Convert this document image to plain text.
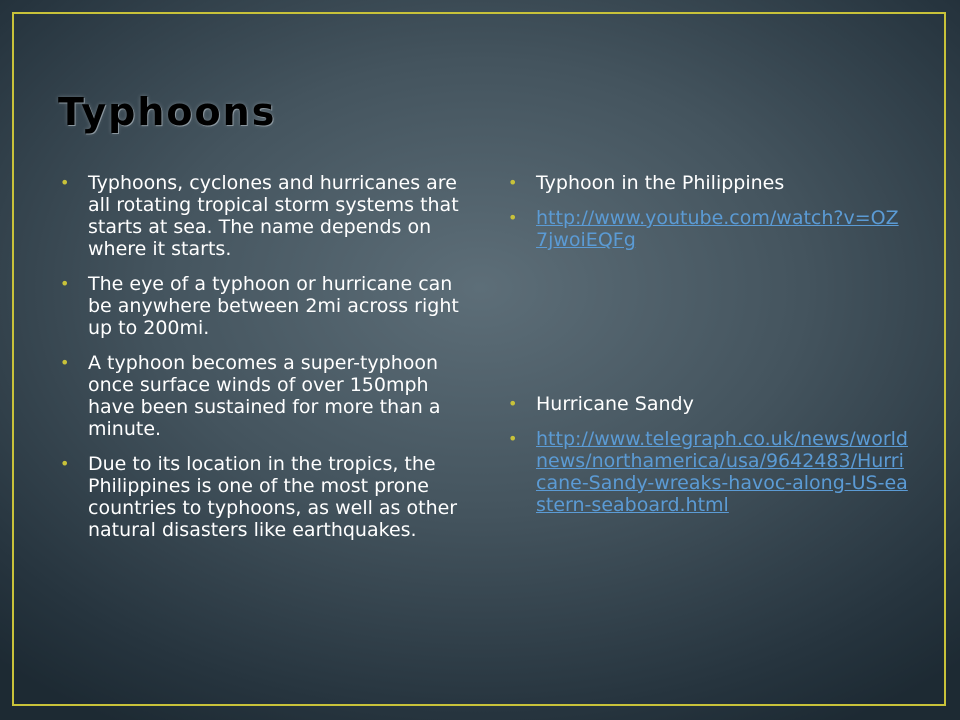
Typhoons
• Typhoons, cyclones and hurricanes are all rotating tropical storm systems that starts at sea. The name depends on where it starts.
• The eye of a typhoon or hurricane can be anywhere between 2mi across right up to 200mi.
• A typhoon becomes a super-typhoon once surface winds of over 150mph have been sustained for more than a minute.
• Due to its location in the tropics, the Philippines is one of the most prone countries to typhoons, as well as other natural disasters like earthquakes.
• Typhoon in the Philippines
• http://www.youtube.com/watch?v=OZ7jwoiEQFg
• Hurricane Sandy
• http://www.telegraph.co.uk/news/worldnews/northamerica/usa/9642483/Hurricane-Sandy-wreaks-havoc-along-US-eastern-seaboard.html
